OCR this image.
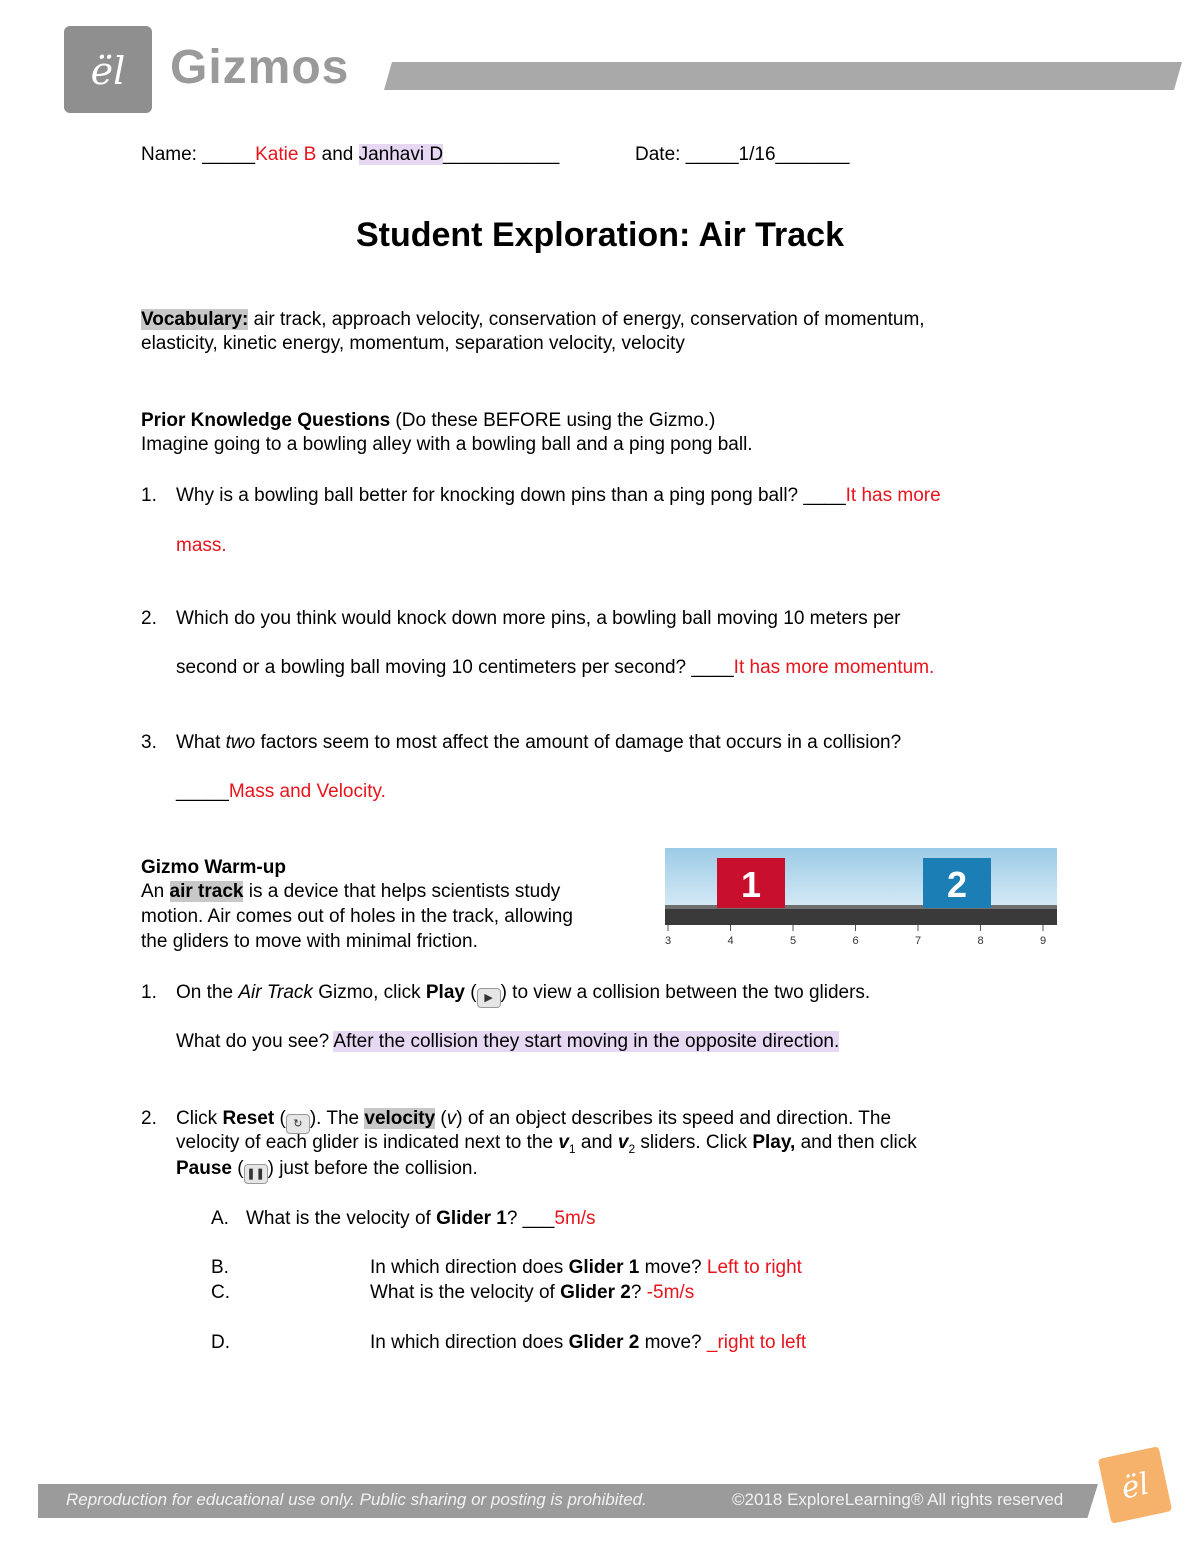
ël Gizmos
Name: _____Katie B and Janhavi D___________	Date: _____1/16_______
Student Exploration: Air Track
Vocabulary: air track, approach velocity, conservation of energy, conservation of momentum,
elasticity, kinetic energy, momentum, separation velocity, velocity
Prior Knowledge Questions (Do these BEFORE using the Gizmo.)
Imagine going to a bowling alley with a bowling ball and a ping pong ball.
1. Why is a bowling ball better for knocking down pins than a ping pong ball? ____It has more
mass.
2. Which do you think would knock down more pins, a bowling ball moving 10 meters per
second or a bowling ball moving 10 centimeters per second? ____It has more momentum.
3. What two factors seem to most affect the amount of damage that occurs in a collision?
_____Mass and Velocity.
Gizmo Warm-up
An air track is a device that helps scientists study
motion. Air comes out of holes in the track, allowing
the gliders to move with minimal friction.
1	2
3	4	5	6	7	8	9
1. On the Air Track Gizmo, click Play ( ▶ ) to view a collision between the two gliders.
What do you see? After the collision they start moving in the opposite direction.
2. Click Reset ( ↻ ). The velocity (v) of an object describes its speed and direction. The
velocity of each glider is indicated next to the $v_1$ and $v_2$ sliders. Click Play, and then click
Pause ( ❚❚ ) just before the collision.
A. What is the velocity of Glider 1? ___5m/s
B.	In which direction does Glider 1 move? Left to right
C.	What is the velocity of Glider 2? -5m/s
D.	In which direction does Glider 2 move? _right to left
Reproduction for educational use only. Public sharing or posting is prohibited.	©2018 ExploreLearning® All rights reserved ël
